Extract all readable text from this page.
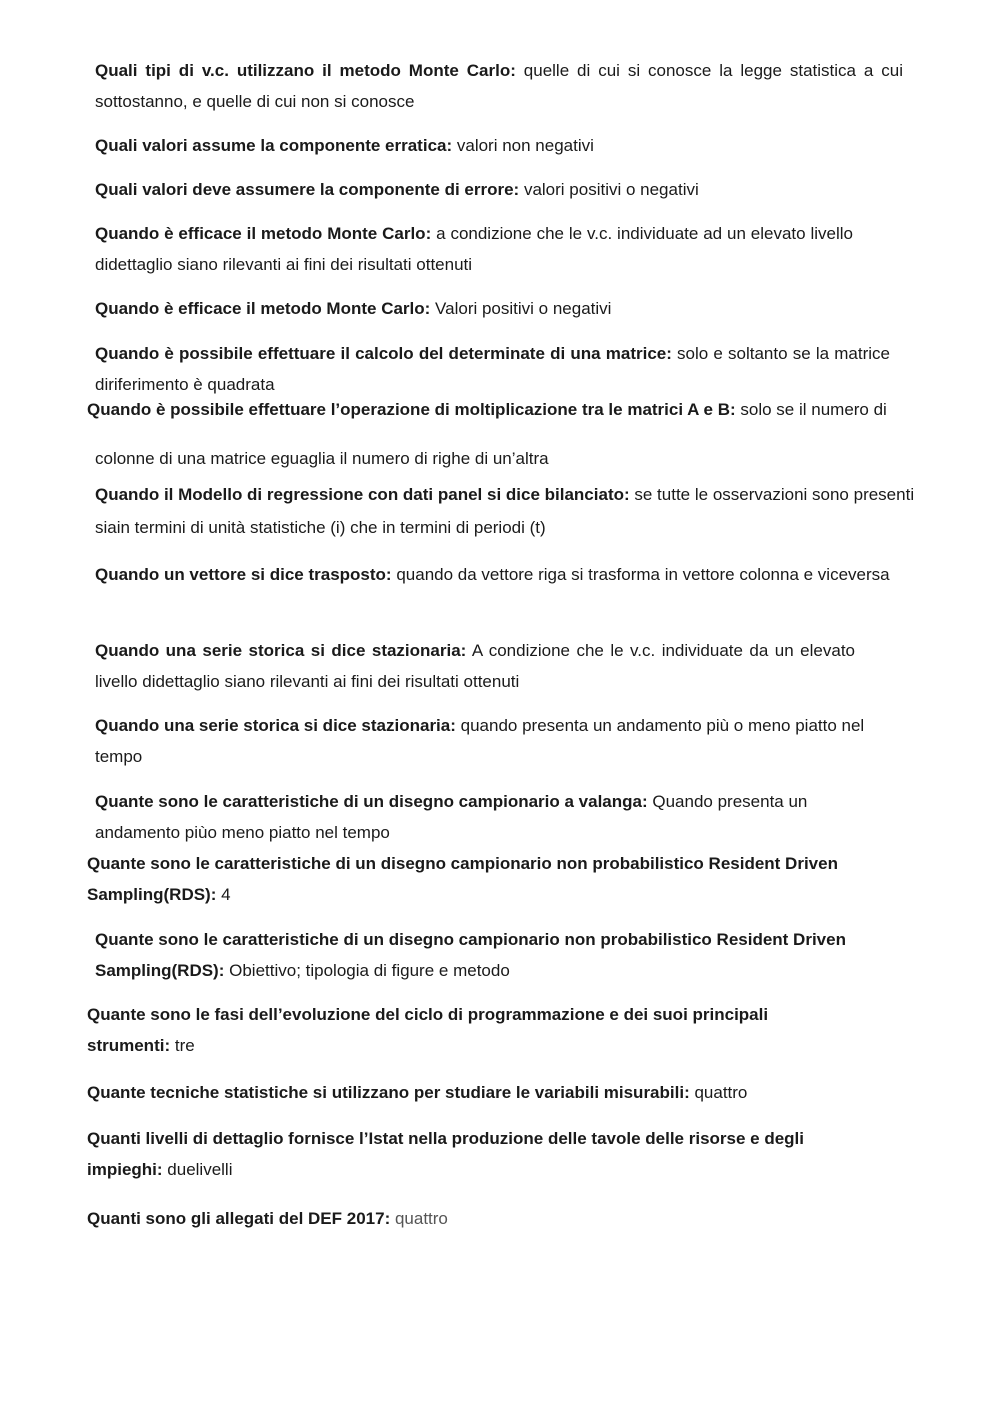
Quali tipi di v.c. utilizzano il metodo Monte Carlo: quelle di cui si conosce la legge statistica a cui sottostanno, e quelle di cui non si conosce
Quali valori assume la componente erratica: valori non negativi
Quali valori deve assumere la componente di errore: valori positivi o negativi
Quando è efficace il metodo Monte Carlo: a condizione che le v.c. individuate ad un elevato livello didettaglio siano rilevanti ai fini dei risultati ottenuti
Quando è efficace il metodo Monte Carlo: Valori positivi o negativi
Quando è possibile effettuare il calcolo del determinate di una matrice: solo e soltanto se la matrice diriferimento è quadrata
Quando è possibile effettuare l’operazione di moltiplicazione tra le matrici A e B: solo se il numero di
colonne di una matrice eguaglia il numero di righe di un’altra
Quando il Modello di regressione con dati panel si dice bilanciato: se tutte le osservazioni sono presenti siain termini di unità statistiche (i) che in termini di periodi (t)
Quando un vettore si dice trasposto: quando da vettore riga si trasforma in vettore colonna e viceversa
Quando una serie storica si dice stazionaria: A condizione che le v.c. individuate da un elevato livello didettaglio siano rilevanti ai fini dei risultati ottenuti
Quando una serie storica si dice stazionaria: quando presenta un andamento più o meno piatto nel tempo
Quante sono le caratteristiche di un disegno campionario a valanga: Quando presenta un andamento piùo meno piatto nel tempo
Quante sono le caratteristiche di un disegno campionario non probabilistico Resident Driven Sampling(RDS): 4
Quante sono le caratteristiche di un disegno campionario non probabilistico Resident Driven Sampling(RDS): Obiettivo; tipologia di figure e metodo
Quante sono le fasi dell’evoluzione del ciclo di programmazione e dei suoi principali strumenti: tre
Quante tecniche statistiche si utilizzano per studiare le variabili misurabili: quattro
Quanti livelli di dettaglio fornisce l’Istat nella produzione delle tavole delle risorse e degli impieghi: duelivelli
Quanti sono gli allegati del DEF 2017: quattro
